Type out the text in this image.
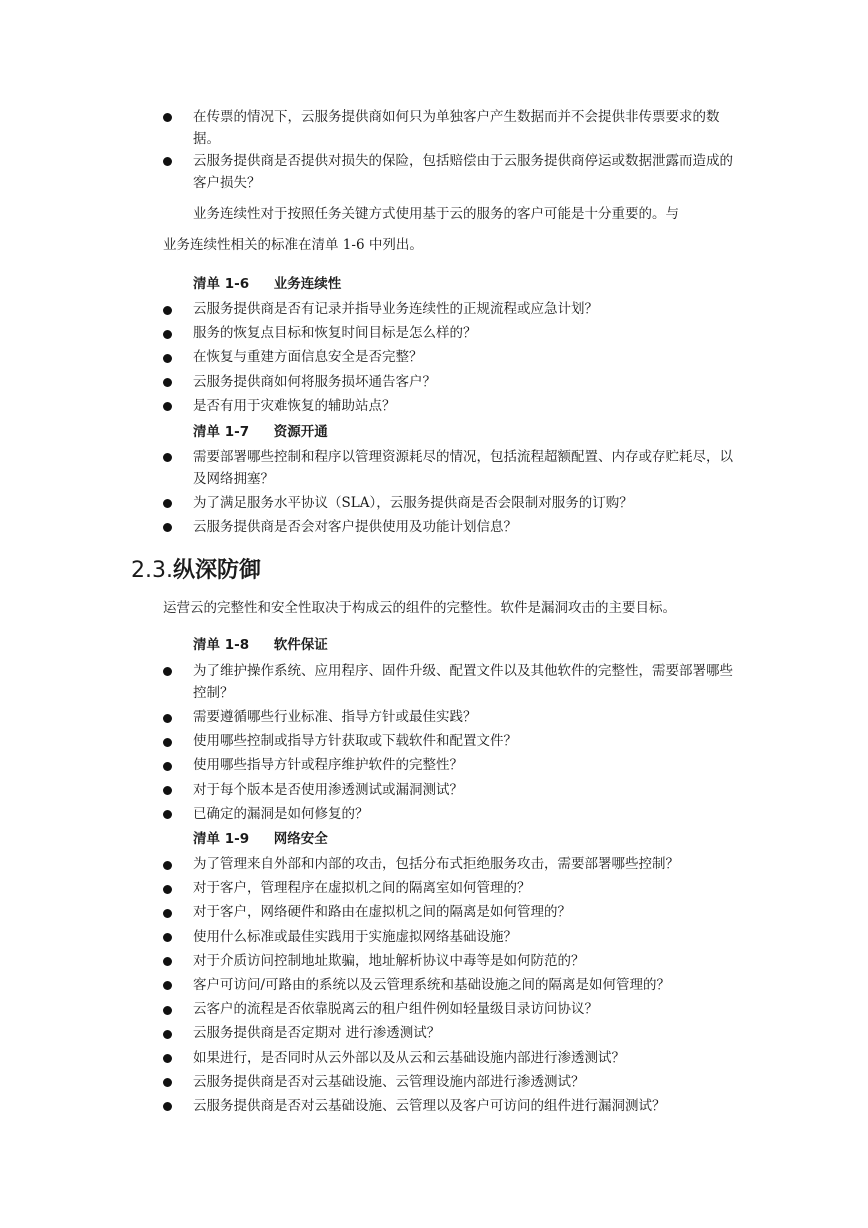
在传票的情况下，云服务提供商如何只为单独客户产生数据而并不会提供非传票要求的数据。
云服务提供商是否提供对损失的保险，包括赔偿由于云服务提供商停运或数据泄露而造成的客户损失？
业务连续性对于按照任务关键方式使用基于云的服务的客户可能是十分重要的。与
业务连续性相关的标准在清单 1-6 中列出。
清单 1-6 业务连续性
云服务提供商是否有记录并指导业务连续性的正规流程或应急计划？
服务的恢复点目标和恢复时间目标是怎么样的？
在恢复与重建方面信息安全是否完整？
云服务提供商如何将服务损坏通告客户？
是否有用于灾难恢复的辅助站点？
清单 1-7 资源开通
需要部署哪些控制和程序以管理资源耗尽的情况，包括流程超额配置、内存或存贮耗尽，以及网络拥塞？
为了满足服务水平协议（SLA），云服务提供商是否会限制对服务的订购？
云服务提供商是否会对客户提供使用及功能计划信息？
2.3.纵深防御
运营云的完整性和安全性取决于构成云的组件的完整性。软件是漏洞攻击的主要目标。
清单 1-8 软件保证
为了维护操作系统、应用程序、固件升级、配置文件以及其他软件的完整性，需要部署哪些控制？
需要遵循哪些行业标准、指导方针或最佳实践？
使用哪些控制或指导方针获取或下载软件和配置文件？
使用哪些指导方针或程序维护软件的完整性？
对于每个版本是否使用渗透测试或漏洞测试？
已确定的漏洞是如何修复的？
清单 1-9 网络安全
为了管理来自外部和内部的攻击，包括分布式拒绝服务攻击，需要部署哪些控制？
对于客户，管理程序在虚拟机之间的隔离室如何管理的？
对于客户，网络硬件和路由在虚拟机之间的隔离是如何管理的？
使用什么标准或最佳实践用于实施虚拟网络基础设施？
对于介质访问控制地址欺骗，地址解析协议中毒等是如何防范的？
客户可访问/可路由的系统以及云管理系统和基础设施之间的隔离是如何管理的？
云客户的流程是否依靠脱离云的租户组件例如轻量级目录访问协议？
云服务提供商是否定期对 进行渗透测试？
如果进行，是否同时从云外部以及从云和云基础设施内部进行渗透测试？
云服务提供商是否对云基础设施、云管理设施内部进行渗透测试？
云服务提供商是否对云基础设施、云管理以及客户可访问的组件进行漏洞测试？
